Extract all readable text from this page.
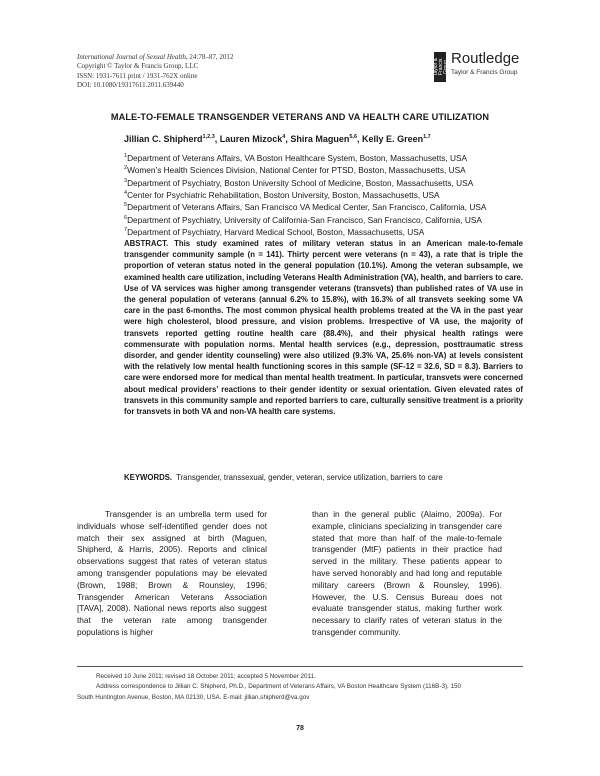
International Journal of Sexual Health, 24:78–87, 2012
Copyright © Taylor & Francis Group, LLC
ISSN: 1931-7611 print / 1931-762X online
DOI: 10.1080/19317611.2011.639440
Taylor & Francis Group Routledge
Taylor & Francis Group
MALE-TO-FEMALE TRANSGENDER VETERANS AND VA HEALTH CARE UTILIZATION
Jillian C. Shipherd$^{1,2,3}$, Lauren Mizock$^4$, Shira Maguen$^{5,6}$, Kelly E. Green$^{1,7}$
$^1$Department of Veterans Affairs, VA Boston Healthcare System, Boston, Massachusetts, USA
$^2$Women’s Health Sciences Division, National Center for PTSD, Boston, Massachusetts, USA
$^3$Department of Psychiatry, Boston University School of Medicine, Boston, Massachusetts, USA
$^4$Center for Psychiatric Rehabilitation, Boston University, Boston, Massachusetts, USA
$^5$Department of Veterans Affairs, San Francisco VA Medical Center, San Francisco, California, USA
$^6$Department of Psychiatry, University of California-San Francisco, San Francisco, California, USA
$^7$Department of Psychiatry, Harvard Medical School, Boston, Massachusetts, USA
ABSTRACT. This study examined rates of military veteran status in an American male-to-female transgender community sample (n = 141). Thirty percent were veterans (n = 43), a rate that is triple the proportion of veteran status noted in the general population (10.1%). Among the veteran subsample, we examined health care utilization, including Veterans Health Administration (VA), health, and barriers to care. Use of VA services was higher among transgender veterans (transvets) than published rates of VA use in the general population of veterans (annual 6.2% to 15.8%), with 16.3% of all transvets seeking some VA care in the past 6-months. The most common physical health problems treated at the VA in the past year were high cholesterol, blood pressure, and vision problems. Irrespective of VA use, the majority of transvets reported getting routine health care (88.4%), and their physical health ratings were commensurate with population norms. Mental health services (e.g., depression, posttraumatic stress disorder, and gender identity counseling) were also utilized (9.3% VA, 25.6% non-VA) at levels consistent with the relatively low mental health functioning scores in this sample (SF-12 = 32.6, SD = 8.3). Barriers to care were endorsed more for medical than mental health treatment. In particular, transvets were concerned about medical providers’ reactions to their gender identity or sexual orientation. Given elevated rates of transvets in this community sample and reported barriers to care, culturally sensitive treatment is a priority for transvets in both VA and non-VA health care systems.
KEYWORDS. Transgender, transsexual, gender, veteran, service utilization, barriers to care
Transgender is an umbrella term used for individuals whose self-identified gender does not match their sex assigned at birth (Maguen, Shipherd, & Harris, 2005). Reports and clinical observations suggest that rates of veteran status among transgender populations may be elevated (Brown, 1988; Brown & Rounsley, 1996; Transgender American Veterans Association [TAVA], 2008). National news reports also suggest that the veteran rate among transgender populations is higher
than in the general public (Alaimo, 2009a). For example, clinicians specializing in transgender care stated that more than half of the male-to-female transgender (MtF) patients in their practice had served in the military. These patients appear to have served honorably and had long and reputable military careers (Brown & Rounsley, 1996). However, the U.S. Census Bureau does not evaluate transgender status, making further work necessary to clarify rates of veteran status in the transgender community.
Received 10 June 2011; revised 18 October 2011; accepted 5 November 2011.
Address correspondence to Jillian C. Shipherd, Ph.D., Department of Veterans Affairs, VA Boston Healthcare System (116B-3), 150
South Huntington Avenue, Boston, MA 02130, USA. E-mail: jillian.shipherd@va.gov
78
